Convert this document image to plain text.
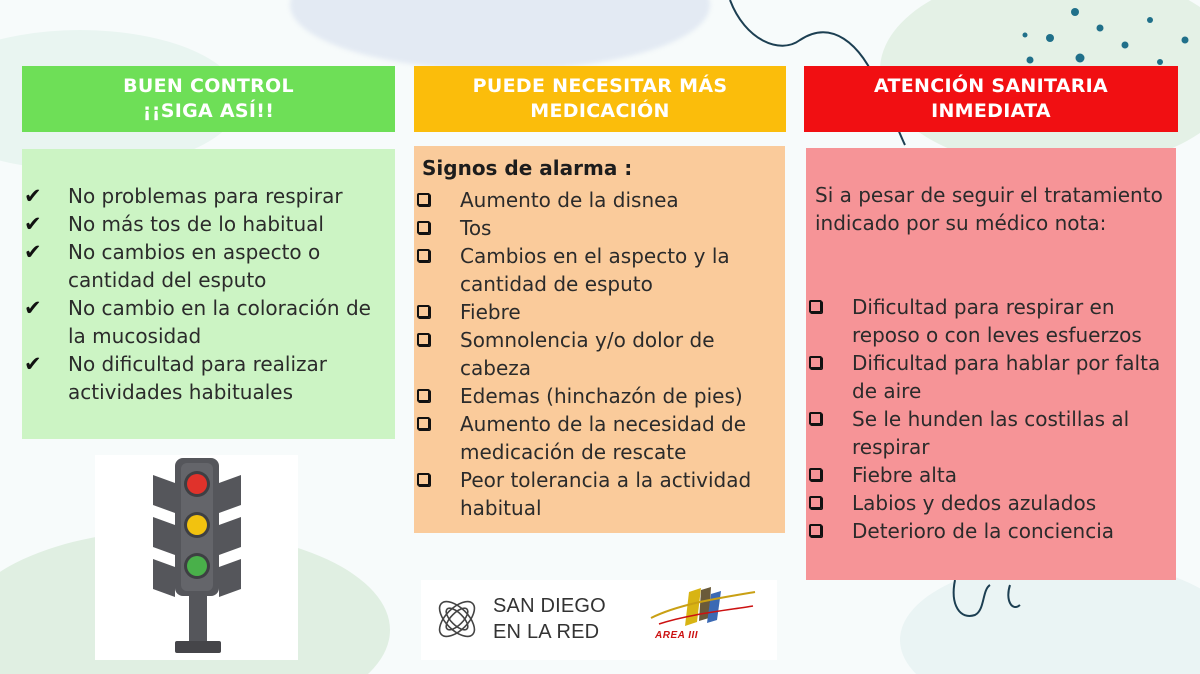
BUEN CONTROL
¡¡SIGA ASÍ!!
PUEDE NECESITAR MÁS
MEDICACIÓN
ATENCIÓN SANITARIA
INMEDIATA
✔	No problemas para respirar
✔	No más tos de lo habitual
✔	No cambios en aspecto o cantidad del esputo
✔	No cambio en la coloración de la mucosidad
✔	No dificultad para realizar actividades habituales
Signos de alarma :
Aumento de la disnea
Tos
Cambios en el aspecto y la cantidad de esputo
Fiebre
Somnolencia y/o dolor de cabeza
Edemas (hinchazón de pies)
Aumento de la necesidad de medicación de rescate
Peor tolerancia a la actividad habitual
Si a pesar de seguir el tratamiento indicado por su médico nota:
Dificultad para respirar en reposo o con leves esfuerzos
Dificultad para hablar por falta de aire
Se le hunden las costillas al respirar
Fiebre alta
Labios y dedos azulados
Deterioro de la conciencia
SAN DIEGO
EN LA RED	AREA III
